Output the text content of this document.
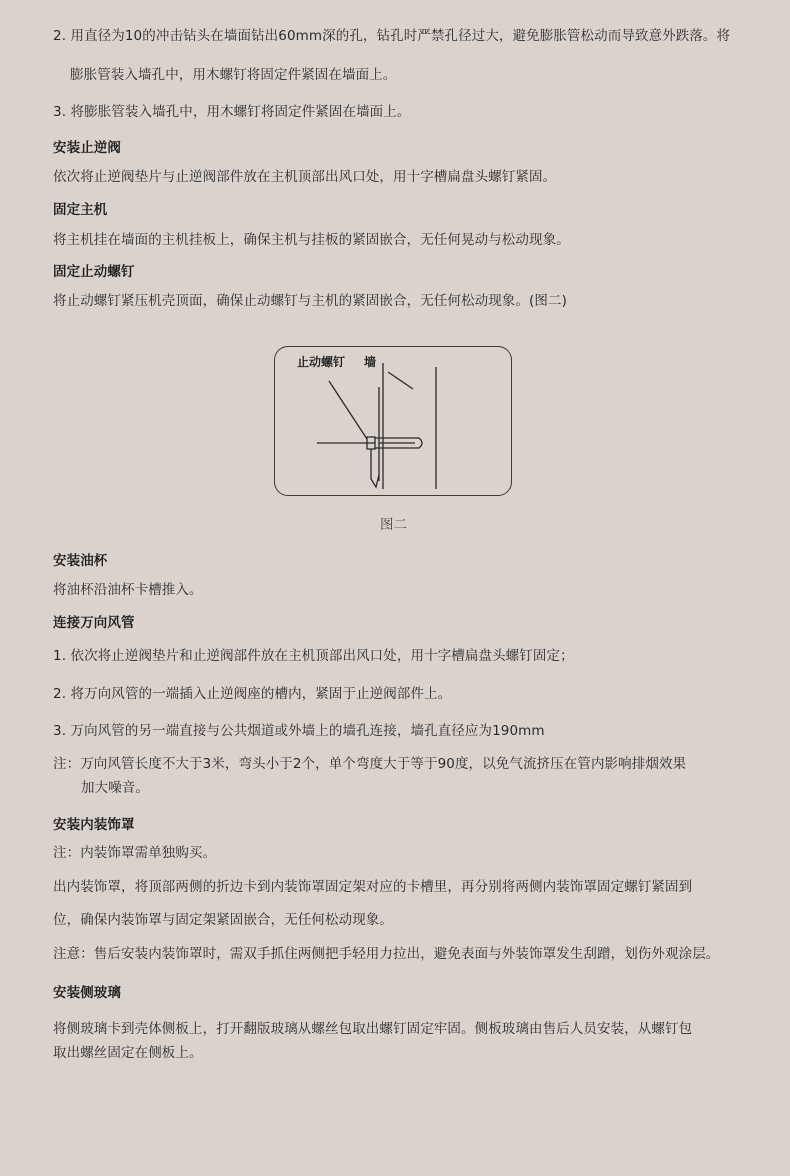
2. 用直径为10的冲击钻头在墙面钻出60mm深的孔，钻孔时严禁孔径过大，避免膨胀管松动而导致意外跌落。将
膨胀管装入墙孔中，用木螺钉将固定件紧固在墙面上。
3. 将膨胀管装入墙孔中，用木螺钉将固定件紧固在墙面上。
安装止逆阀
依次将止逆阀垫片与止逆阀部件放在主机顶部出风口处，用十字槽扁盘头螺钉紧固。
固定主机
将主机挂在墙面的主机挂板上，确保主机与挂板的紧固嵌合，无任何晃动与松动现象。
固定止动螺钉
将止动螺钉紧压机壳顶面，确保止动螺钉与主机的紧固嵌合，无任何松动现象。(图二)
止动螺钉 墙
图二
安装油杯
将油杯沿油杯卡槽推入。
连接万向风管
1. 依次将止逆阀垫片和止逆阀部件放在主机顶部出风口处，用十字槽扁盘头螺钉固定；
2. 将万向风管的一端插入止逆阀座的槽内，紧固于止逆阀部件上。
3. 万向风管的另一端直接与公共烟道或外墙上的墙孔连接，墙孔直径应为190mm
注：万向风管长度不大于3米，弯头小于2个，单个弯度大于等于90度，以免气流挤压在管内影响排烟效果
加大噪音。
安装内装饰罩
注：内装饰罩需单独购买。
出内装饰罩，将顶部两侧的折边卡到内装饰罩固定架对应的卡槽里，再分别将两侧内装饰罩固定螺钉紧固到
位，确保内装饰罩与固定架紧固嵌合，无任何松动现象。
注意：售后安装内装饰罩时，需双手抓住两侧把手轻用力拉出，避免表面与外装饰罩发生刮蹭，划伤外观涂层。
安装侧玻璃
将侧玻璃卡到壳体侧板上，打开翻版玻璃从螺丝包取出螺钉固定牢固。侧板玻璃由售后人员安装，从螺钉包
取出螺丝固定在侧板上。
